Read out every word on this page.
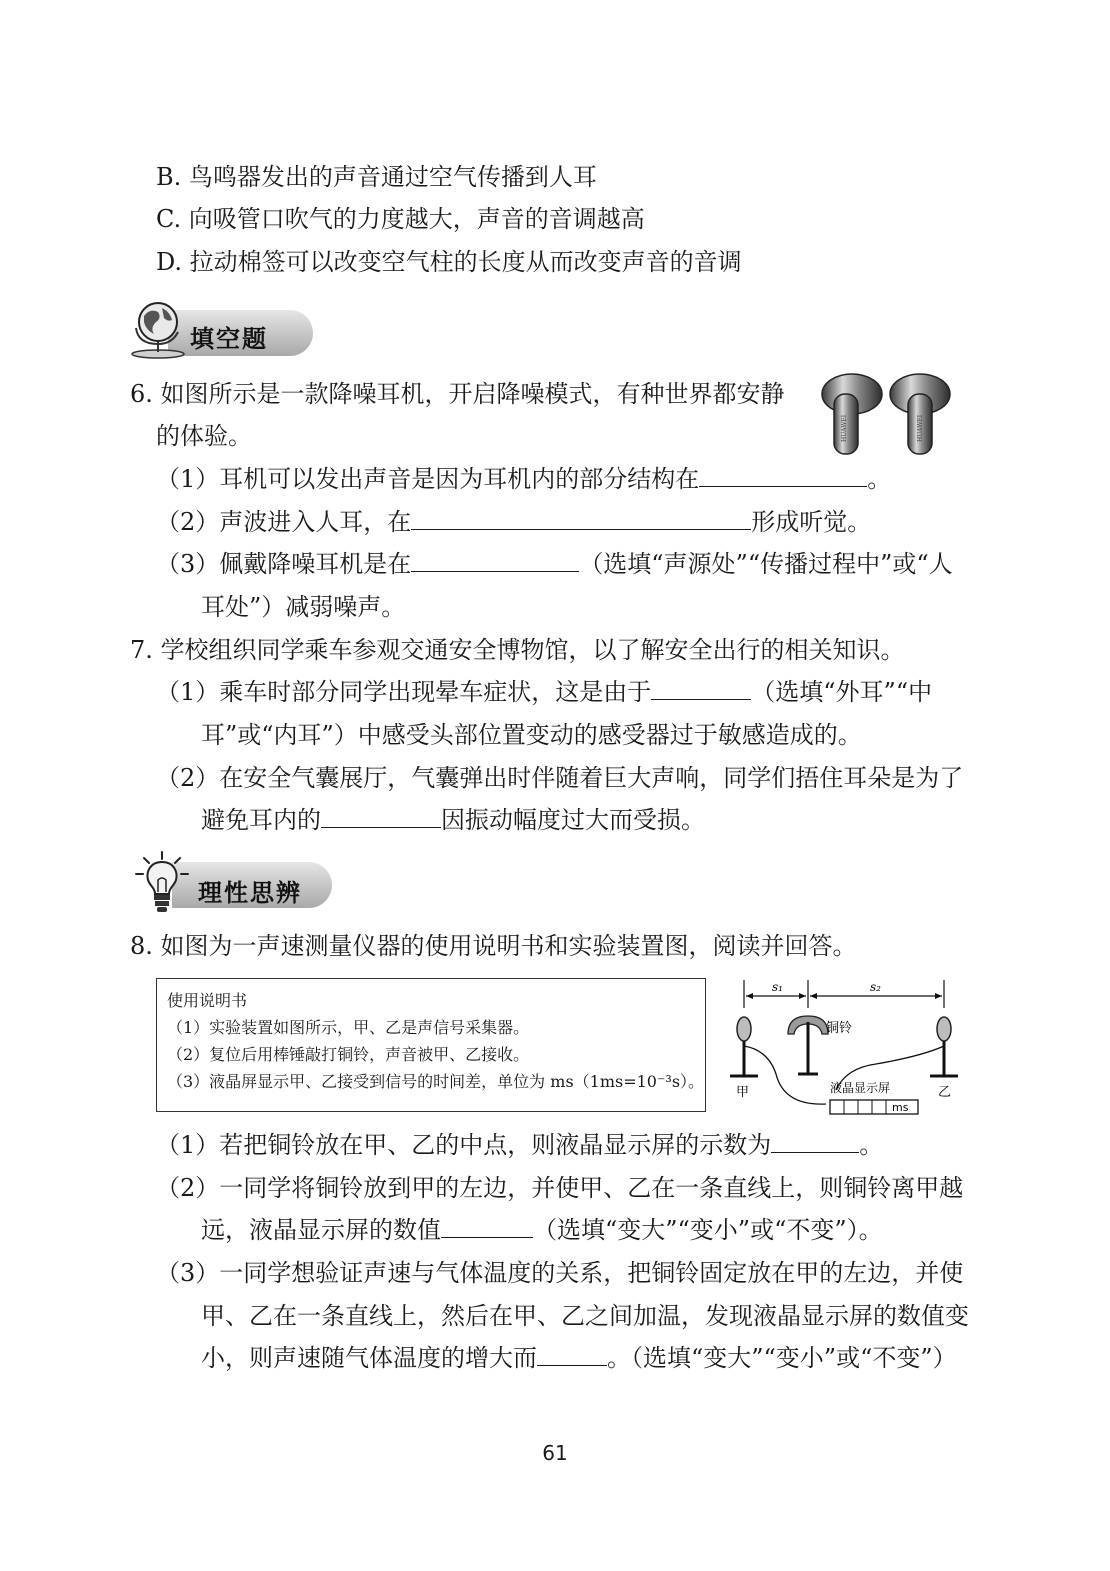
B. 鸟鸣器发出的声音通过空气传播到人耳
C. 向吸管口吹气的力度越大，声音的音调越高
D. 拉动棉签可以改变空气柱的长度从而改变声音的音调
填空题
6. 如图所示是一款降噪耳机，开启降噪模式，有种世界都安静
的体验。	HUAWEI	HUAWEI
（1）耳机可以发出声音是因为耳机内的部分结构在	。
（2）声波进入人耳，在	形成听觉。
（3）佩戴降噪耳机是在	（选填“声源处”“传播过程中”或“人
耳处”）减弱噪声。
7. 学校组织同学乘车参观交通安全博物馆，以了解安全出行的相关知识。
（1）乘车时部分同学出现晕车症状，这是由于	（选填“外耳”“中
耳”或“内耳”）中感受头部位置变动的感受器过于敏感造成的。
（2）在安全气囊展厅，气囊弹出时伴随着巨大声响，同学们捂住耳朵是为了
避免耳内的	因振动幅度过大而受损。
理性思辨
8. 如图为一声速测量仪器的使用说明书和实验装置图，阅读并回答。
使用说明书
（1）实验装置如图所示，甲、乙是声信号采集器。
（2）复位后用棒锤敲打铜铃，声音被甲、乙接收。
（3）液晶屏显示甲、乙接受到信号的时间差，单位为 ms（1ms=10⁻³s）。
s₁	s₂
甲
铜铃
乙
液晶显示屏
ms
（1）若把铜铃放在甲、乙的中点，则液晶显示屏的示数为	。
（2）一同学将铜铃放到甲的左边，并使甲、乙在一条直线上，则铜铃离甲越
远，液晶显示屏的数值	（选填“变大”“变小”或“不变”）。
（3）一同学想验证声速与气体温度的关系，把铜铃固定放在甲的左边，并使
甲、乙在一条直线上，然后在甲、乙之间加温，发现液晶显示屏的数值变
小，则声速随气体温度的增大而	。（选填“变大”“变小”或“不变”）
61
